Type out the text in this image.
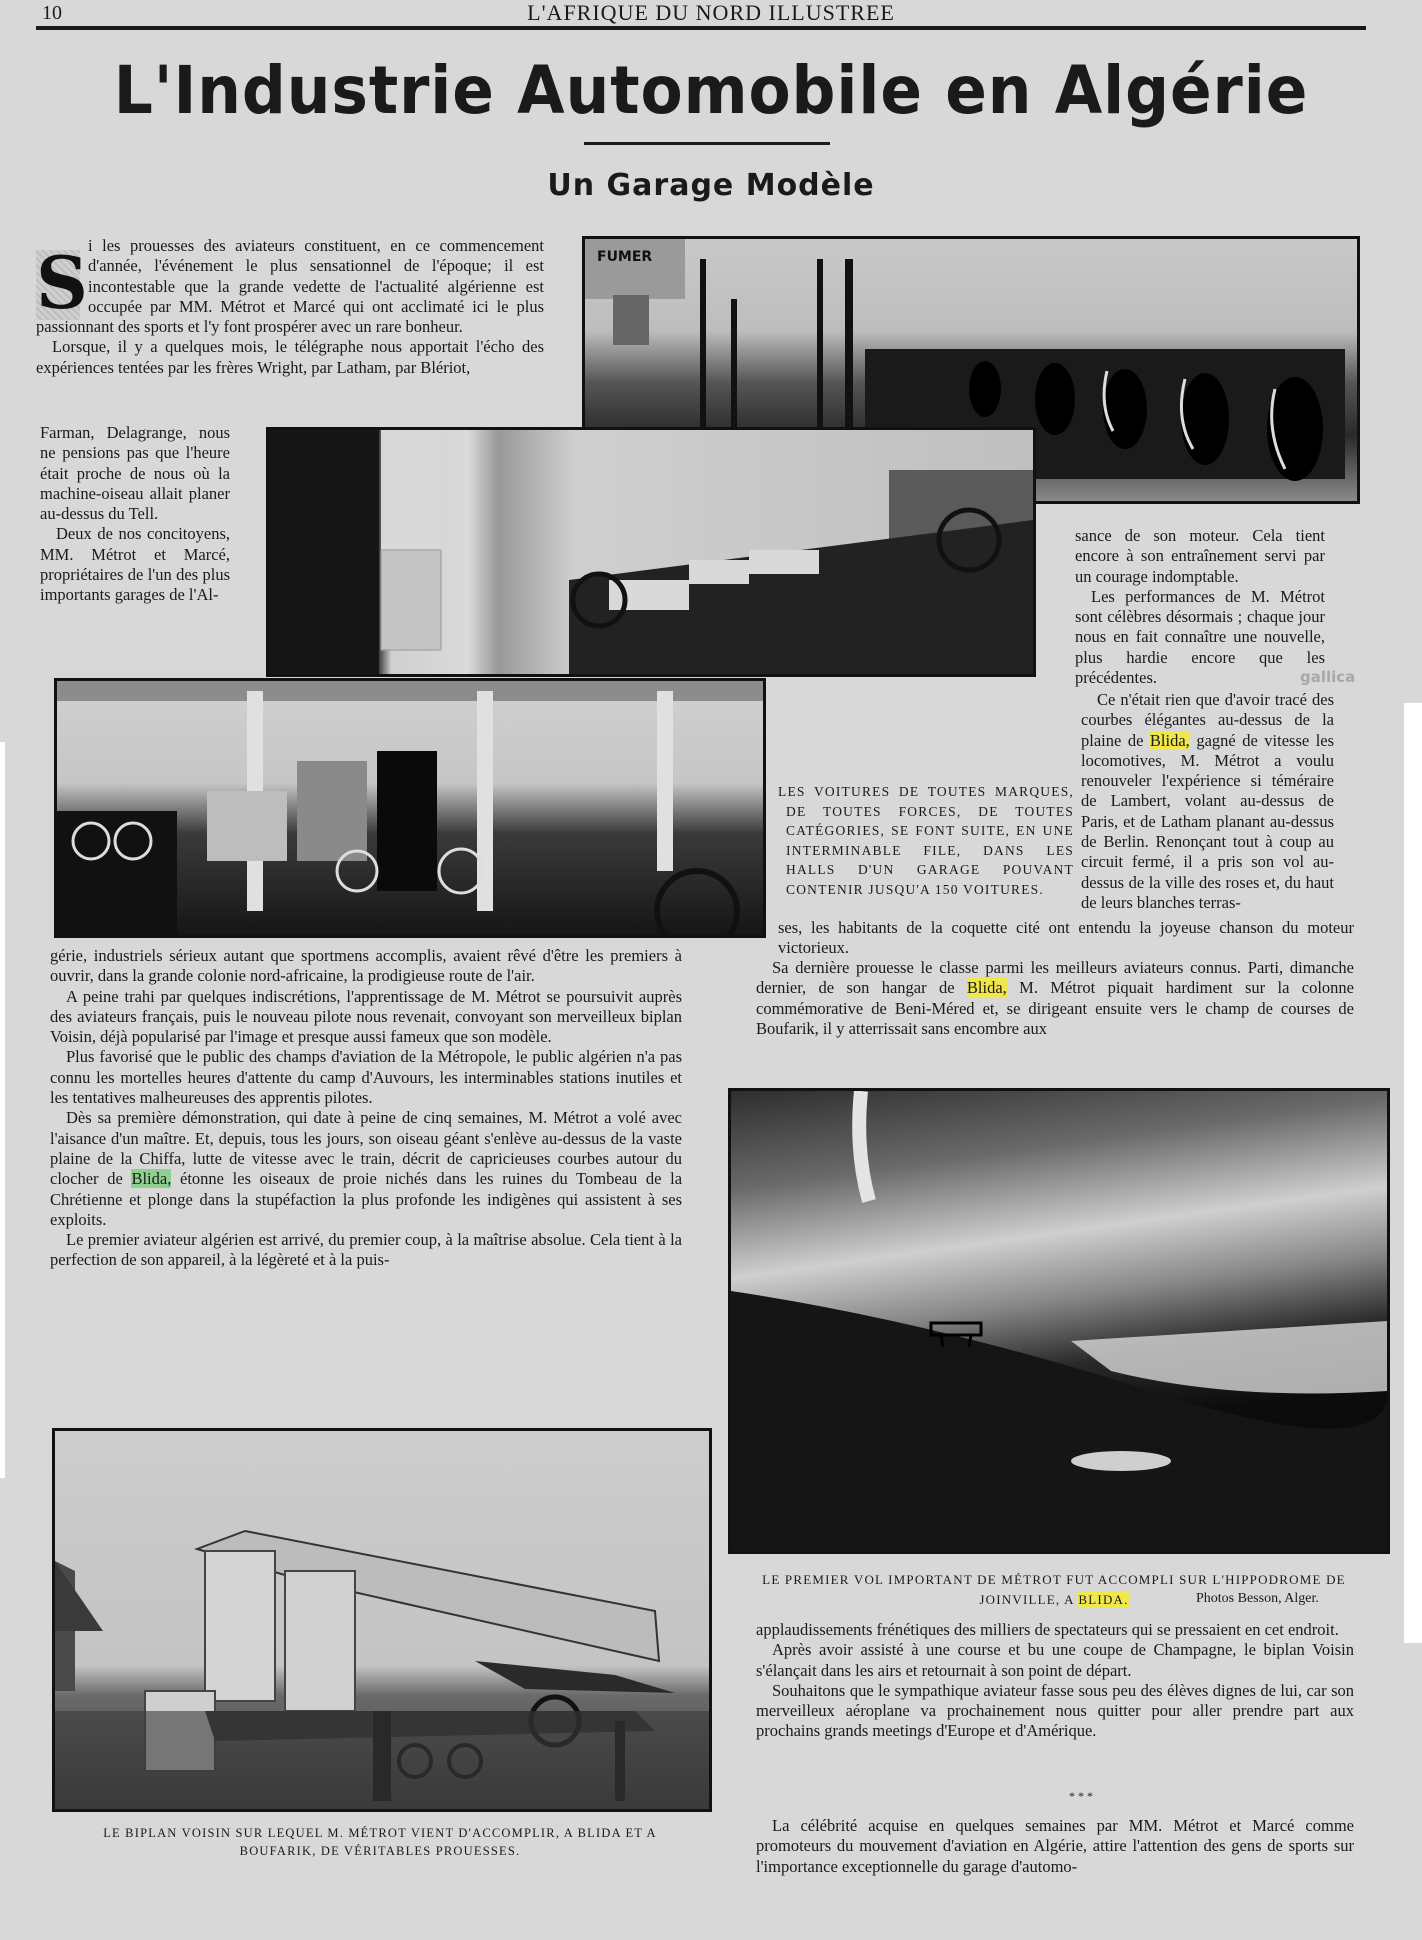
10	L'AFRIQUE DU NORD ILLUSTREE
L'Industrie Automobile en Algérie
Un Garage Modèle
S i les prouesses des aviateurs constituent, en ce commencement d'année, l'événement le plus sensationnel de l'époque; il est incontestable que la grande vedette de l'actualité algérienne est occupée par MM. Métrot et Marcé qui ont acclimaté ici le plus passionnant des sports et l'y font prospérer avec un rare bonheur.

Lorsque, il y a quelques mois, le télégraphe nous apportait l'écho des expériences tentées par les frères Wright, par Latham, par Blériot,

Farman, Delagrange, nous ne pensions pas que l'heure était proche de nous où la machine-oiseau allait planer au-dessus du Tell.

Deux de nos concitoyens, MM. Métrot et Marcé, propriétaires de l'un des plus importants garages de l'Al-

FUMER

sance de son moteur. Cela tient encore à son entraînement servi par un courage indomptable.

Les performances de M. Métrot sont célèbres désormais ; chaque jour nous en fait connaître une nouvelle, plus hardie encore que les précédentes.	gallica

Ce n'était rien que d'avoir tracé des courbes élégantes au-dessus de la plaine de Blida, gagné de vitesse les locomotives, M. Métrot a voulu renouveler l'expérience si téméraire de Lambert, volant au-dessus de Paris, et de Latham planant au-dessus de Berlin. Renonçant tout à coup au circuit fermé, il a pris son vol au-dessus de la ville des roses et, du haut de leurs blanches terras-

LES VOITURES DE TOUTES MARQUES, DE TOUTES FORCES, DE TOUTES CATÉGORIES, SE FONT SUITE, EN UNE INTERMINABLE FILE, DANS LES HALLS D'UN GARAGE POUVANT CONTENIR JUSQU'A 150 VOITURES.

ses, les habitants de la coquette cité ont entendu la joyeuse chanson du moteur victorieux.

Sa dernière prouesse le classe parmi les meilleurs aviateurs connus. Parti, dimanche dernier, de son hangar de Blida, M. Métrot piquait hardiment sur la colonne commémorative de Beni-Méred et, se dirigeant ensuite vers le champ de courses de Boufarik, il y atterrissait sans encombre aux

gérie, industriels sérieux autant que sportmens accomplis, avaient rêvé d'être les premiers à ouvrir, dans la grande colonie nord-africaine, la prodigieuse route de l'air.

A peine trahi par quelques indiscrétions, l'apprentissage de M. Métrot se poursuivit auprès des aviateurs français, puis le nouveau pilote nous revenait, convoyant son merveilleux biplan Voisin, déjà popularisé par l'image et presque aussi fameux que son modèle.

Plus favorisé que le public des champs d'aviation de la Métropole, le public algérien n'a pas connu les mortelles heures d'attente du camp d'Auvours, les interminables stations inutiles et les tentatives malheureuses des apprentis pilotes.

Dès sa première démonstration, qui date à peine de cinq semaines, M. Métrot a volé avec l'aisance d'un maître. Et, depuis, tous les jours, son oiseau géant s'enlève au-dessus de la vaste plaine de la Chiffa, lutte de vitesse avec le train, décrit de capricieuses courbes autour du clocher de Blida, étonne les oiseaux de proie nichés dans les ruines du Tombeau de la Chrétienne et plonge dans la stupéfaction la plus profonde les indigènes qui assistent à ses exploits.

Le premier aviateur algérien est arrivé, du premier coup, à la maîtrise absolue. Cela tient à la perfection de son appareil, à la légèreté et à la puis-

LE PREMIER VOL IMPORTANT DE MÉTROT FUT ACCOMPLI SUR L'HIPPODROME DE JOINVILLE, A BLIDA.	Photos Besson, Alger.

applaudissements frénétiques des milliers de spectateurs qui se pressaient en cet endroit.

Après avoir assisté à une course et bu une coupe de Champagne, le biplan Voisin s'élançait dans les airs et retournait à son point de départ.

Souhaitons que le sympathique aviateur fasse sous peu des élèves dignes de lui, car son merveilleux aéroplane va prochainement nous quitter pour aller prendre part aux prochains grands meetings d'Europe et d'Amérique.

* * *

La célébrité acquise en quelques semaines par MM. Métrot et Marcé comme promoteurs du mouvement d'aviation en Algérie, attire l'attention des gens de sports sur l'importance exceptionnelle du garage d'automo-

LE BIPLAN VOISIN SUR LEQUEL M. MÉTROT VIENT D'ACCOMPLIR, A BLIDA ET A BOUFARIK, DE VÉRITABLES PROUESSES.
